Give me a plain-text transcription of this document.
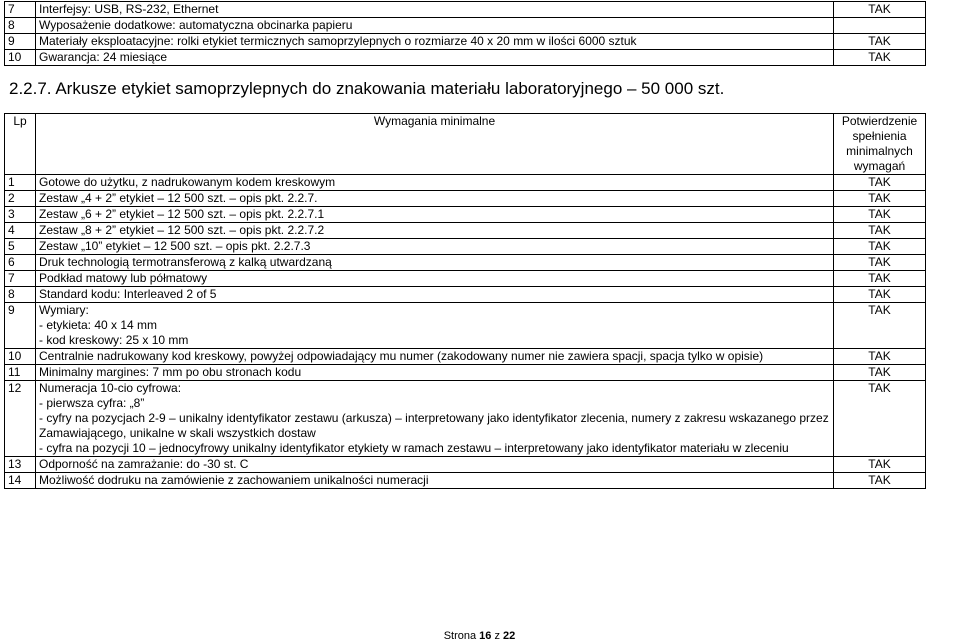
7	Interfejsy: USB, RS-232, Ethernet	TAK
8	Wyposażenie dodatkowe: automatyczna obcinarka papieru	
9	Materiały eksploatacyjne: rolki etykiet termicznych samoprzylepnych o rozmiarze 40 x 20 mm w ilości 6000 sztuk	TAK
10	Gwarancja: 24 miesiące	TAK
2.2.7. Arkusze etykiet samoprzylepnych do znakowania materiału laboratoryjnego – 50 000 szt.
Lp	Wymagania minimalne	Potwierdzenie spełnienia minimalnych wymagań
1	Gotowe do użytku, z nadrukowanym kodem kreskowym	TAK
2	Zestaw „4 + 2” etykiet – 12 500 szt. – opis pkt. 2.2.7.	TAK
3	Zestaw „6 + 2” etykiet – 12 500 szt. – opis pkt. 2.2.7.1	TAK
4	Zestaw „8 + 2” etykiet – 12 500 szt. – opis pkt. 2.2.7.2	TAK
5	Zestaw „10” etykiet – 12 500 szt. – opis pkt. 2.2.7.3	TAK
6	Druk technologią termotransferową z kalką utwardzaną	TAK
7	Podkład matowy lub półmatowy	TAK
8	Standard kodu: Interleaved 2 of 5	TAK
9	Wymiary:
- etykieta: 40 x 14 mm
- kod kreskowy: 25 x 10 mm	TAK
10	Centralnie nadrukowany kod kreskowy, powyżej odpowiadający mu numer (zakodowany numer nie zawiera spacji, spacja tylko w opisie)	TAK
11	Minimalny margines: 7 mm po obu stronach kodu	TAK
12	Numeracja 10-cio cyfrowa:
- pierwsza cyfra: „8”
- cyfry na pozycjach 2-9 – unikalny identyfikator zestawu (arkusza) – interpretowany jako identyfikator zlecenia, numery z zakresu wskazanego przez
Zamawiającego, unikalne w skali wszystkich dostaw
- cyfra na pozycji 10 – jednocyfrowy unikalny identyfikator etykiety w ramach zestawu – interpretowany jako identyfikator materiału w zleceniu	TAK
13	Odporność na zamrażanie: do -30 st. C	TAK
14	Możliwość dodruku na zamówienie z zachowaniem unikalności numeracji	TAK
Strona 16 z 22
